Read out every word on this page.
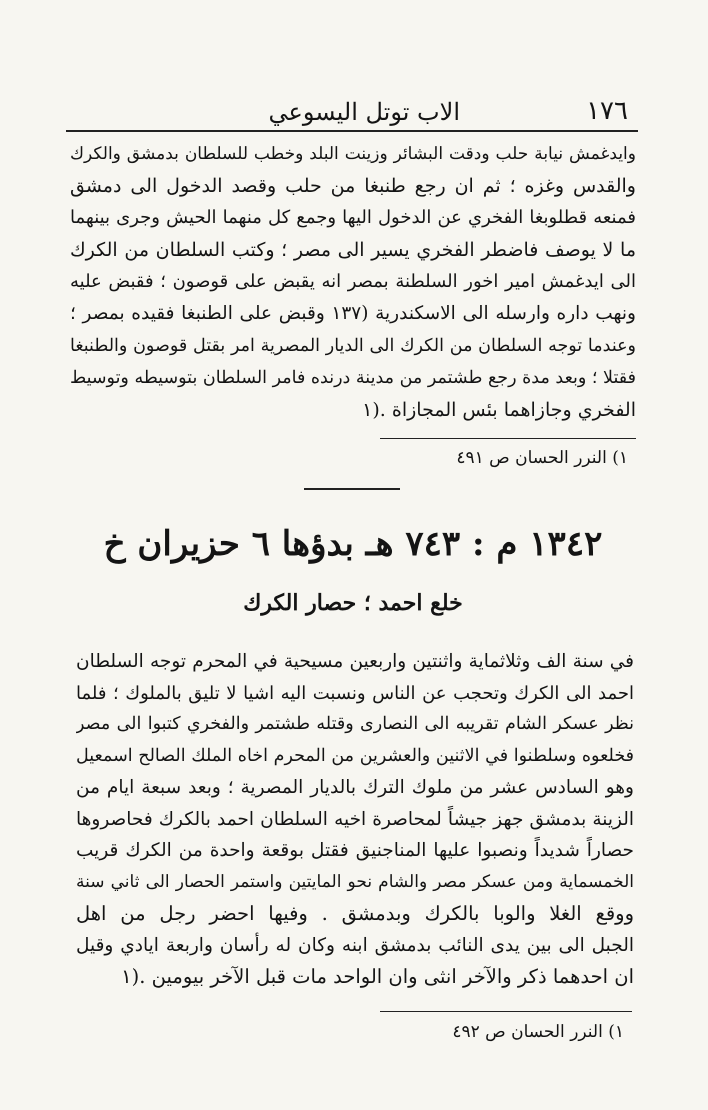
١٧٦
الاب توتل اليسوعي
وايدغمش نيابة حلب ودقت البشائر وزينت البلد وخطب للسلطان بدمشق والكرك
والقدس وغزه ؛ ثم ان رجع طنبغا من حلب وقصد الدخول الى دمشق
فمنعه قطلوبغا الفخري عن الدخول اليها وجمع كل منهما الحيش وجرى بينهما
ما لا يوصف فاضطر الفخري يسير الى مصر ؛ وكتب السلطان من الكرك
الى ايدغمش امير اخور السلطنة بمصر انه يقبض على قوصون ؛ فقبض عليه
ونهب داره وارسله الى الاسكندرية (١٣٧ وقبض على الطنبغا فقيده بمصر ؛
وعندما توجه السلطان من الكرك الى الديار المصرية امر بقتل قوصون والطنبغا
فقتلا ؛ وبعد مدة رجع طشتمر من مدينة درنده فامر السلطان بتوسيطه وتوسيط
الفخري وجازاهما بئس المجازاة .(١
١) النرر الحسان ص ٤٩١
١٣٤٢ م : ٧٤٣ هـ بدؤها ٦ حزيران خ
خلع احمد ؛ حصار الكرك
في سنة الف وثلاثماية واثنتين واربعين مسيحية في المحرم توجه السلطان
احمد الى الكرك وتحجب عن الناس ونسبت اليه اشيا لا تليق بالملوك ؛ فلما
نظر عسكر الشام تقريبه الى النصارى وقتله طشتمر والفخري كتبوا الى مصر
فخلعوه وسلطنوا في الاثنين والعشرين من المحرم اخاه الملك الصالح اسمعيل
وهو السادس عشر من ملوك الترك بالديار المصرية ؛ وبعد سبعة ايام من
الزينة بدمشق جهز جيشاً لمحاصرة اخيه السلطان احمد بالكرك فحاصروها
حصاراً شديداً ونصبوا عليها المناجنيق فقتل بوقعة واحدة من الكرك قريب
الخمسماية ومن عسكر مصر والشام نحو المايتين واستمر الحصار الى ثاني سنة
ووقع الغلا والوبا بالكرك وبدمشق . وفيها احضر رجل من اهل
الجبل الى بين يدى النائب بدمشق ابنه وكان له رأسان واربعة ايادي وقيل
ان احدهما ذكر والآخر انثى وان الواحد مات قبل الآخر بيومين .(١
١) النرر الحسان ص ٤٩٢
